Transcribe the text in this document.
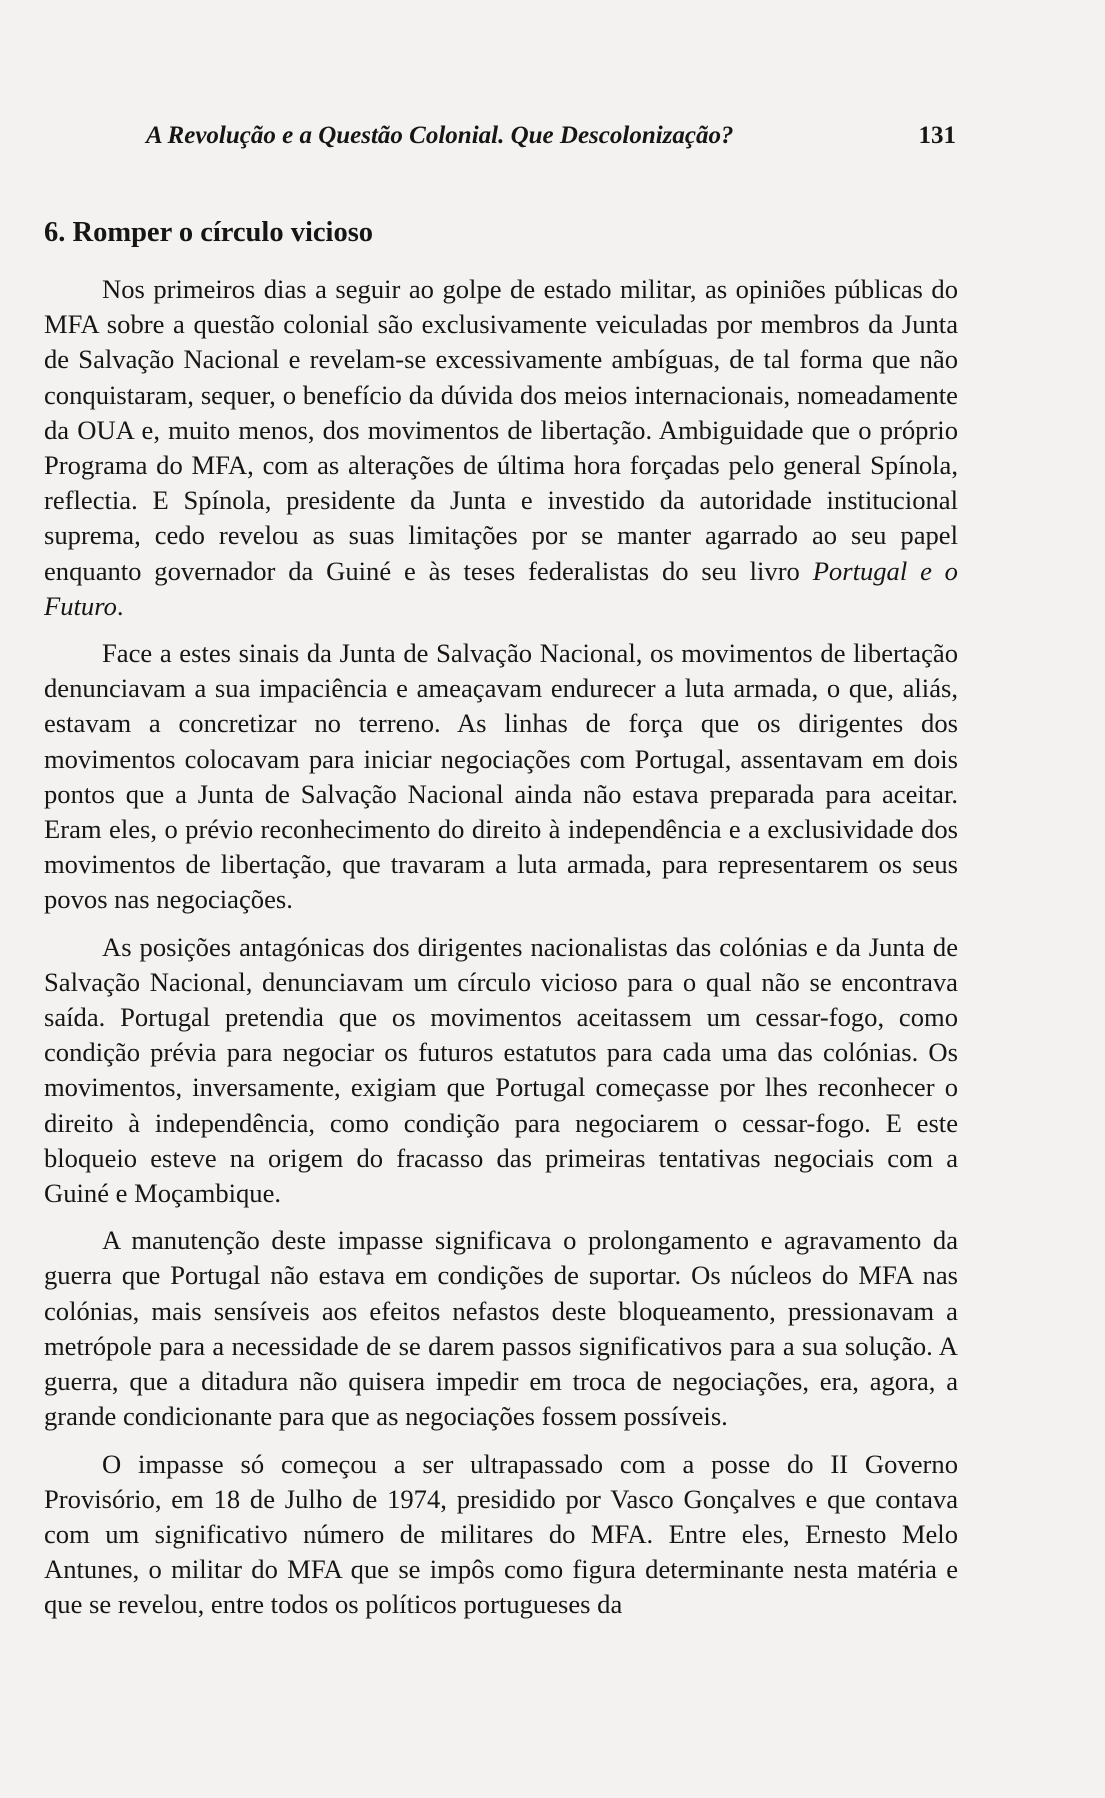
A Revolução e a Questão Colonial. Que Descolonização?	131
6. Romper o círculo vicioso

Nos primeiros dias a seguir ao golpe de estado militar, as opiniões públicas do MFA sobre a questão colonial são exclusivamente veiculadas por membros da Junta de Salvação Nacional e revelam-se excessivamente ambíguas, de tal forma que não conquistaram, sequer, o benefício da dúvida dos meios internacionais, nomeadamente da OUA e, muito menos, dos movimentos de libertação. Ambiguidade que o próprio Programa do MFA, com as alterações de última hora forçadas pelo general Spínola, reflectia. E Spínola, presidente da Junta e investido da autoridade institucional suprema, cedo revelou as suas limitações por se manter agarrado ao seu papel enquanto governador da Guiné e às teses federalistas do seu livro Portugal e o Futuro.

Face a estes sinais da Junta de Salvação Nacional, os movimentos de libertação denunciavam a sua impaciência e ameaçavam endurecer a luta armada, o que, aliás, estavam a concretizar no terreno. As linhas de força que os dirigentes dos movimentos colocavam para iniciar negociações com Portugal, assentavam em dois pontos que a Junta de Salvação Nacional ainda não estava preparada para aceitar. Eram eles, o prévio reconhecimento do direito à independência e a exclusividade dos movimentos de libertação, que travaram a luta armada, para representarem os seus povos nas negociações.

As posições antagónicas dos dirigentes nacionalistas das colónias e da Junta de Salvação Nacional, denunciavam um círculo vicioso para o qual não se encontrava saída. Portugal pretendia que os movimentos aceitassem um cessar-fogo, como condição prévia para negociar os futuros estatutos para cada uma das colónias. Os movimentos, inversamente, exigiam que Portugal começasse por lhes reconhecer o direito à independência, como condição para negociarem o cessar-fogo. E este bloqueio esteve na origem do fracasso das primeiras tentativas negociais com a Guiné e Moçambique.

A manutenção deste impasse significava o prolongamento e agravamento da guerra que Portugal não estava em condições de suportar. Os núcleos do MFA nas colónias, mais sensíveis aos efeitos nefastos deste bloqueamento, pressionavam a metrópole para a necessidade de se darem passos significativos para a sua solução. A guerra, que a ditadura não quisera impedir em troca de negociações, era, agora, a grande condicionante para que as negociações fossem possíveis.

O impasse só começou a ser ultrapassado com a posse do II Governo Provisório, em 18 de Julho de 1974, presidido por Vasco Gonçalves e que contava com um significativo número de militares do MFA. Entre eles, Ernesto Melo Antunes, o militar do MFA que se impôs como figura determinante nesta matéria e que se revelou, entre todos os políticos portugueses da
